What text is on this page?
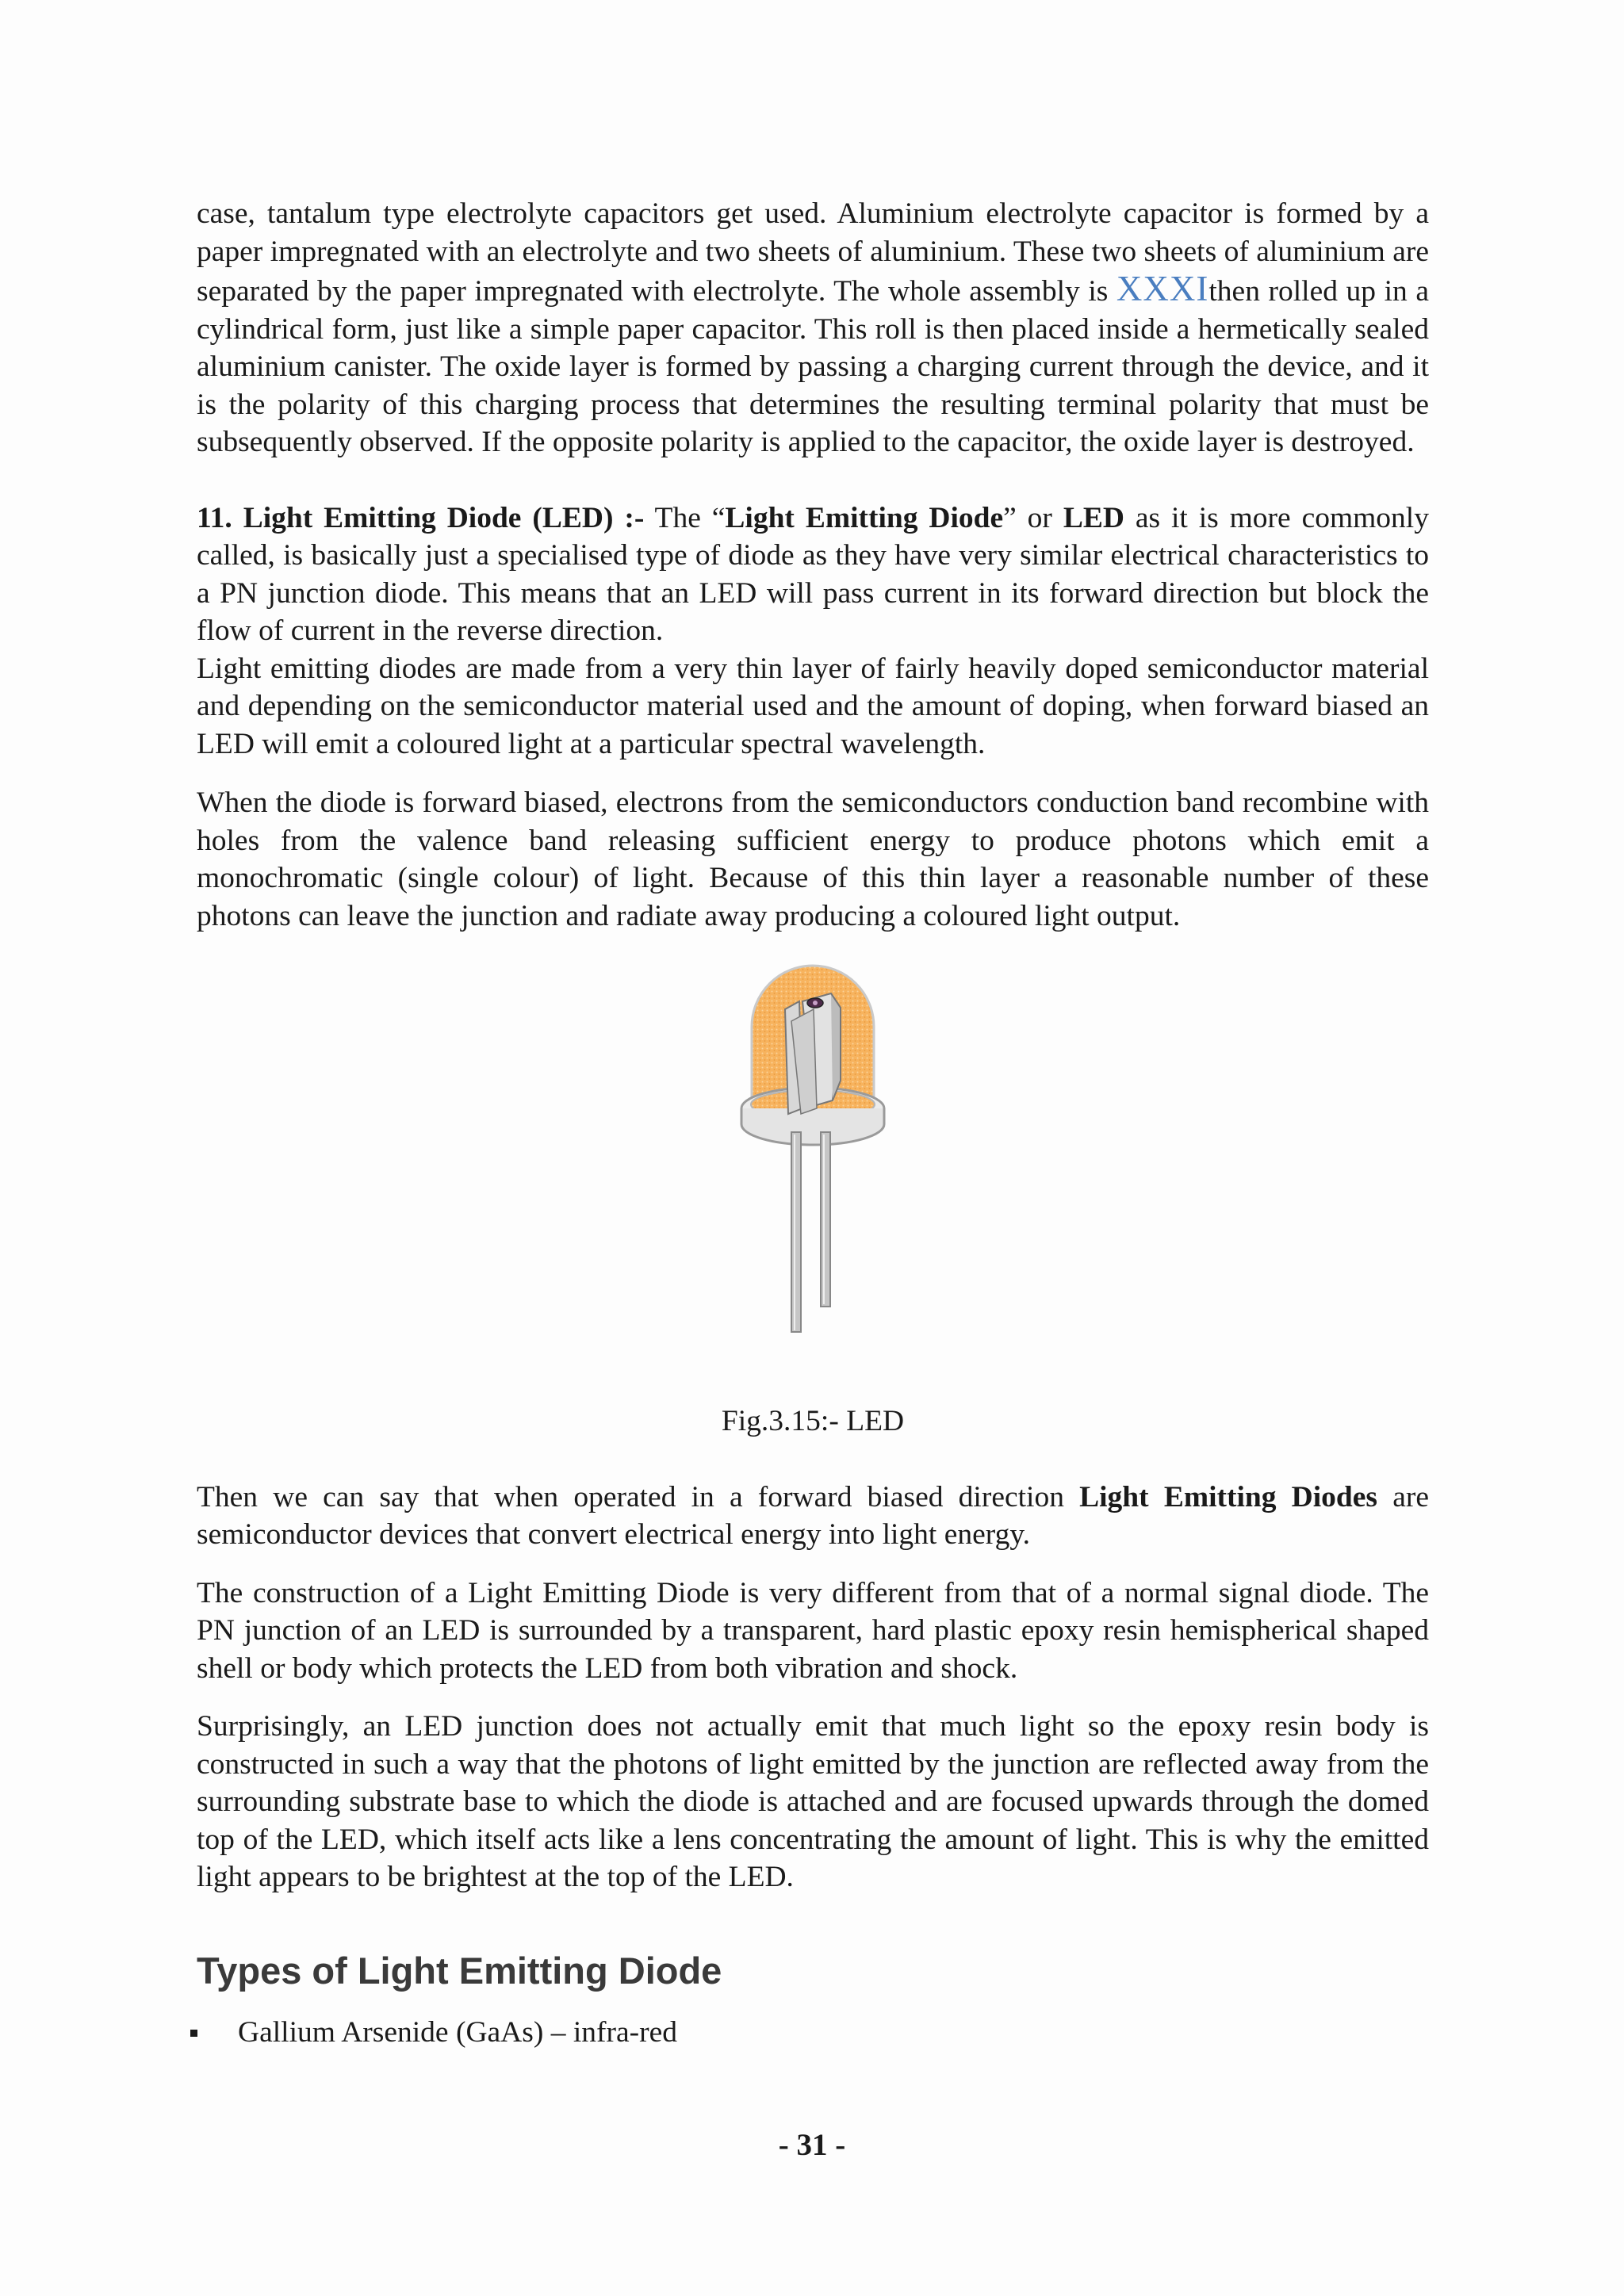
case, tantalum type electrolyte capacitors get used. Aluminium electrolyte capacitor is formed by a paper impregnated with an electrolyte and two sheets of aluminium. These two sheets of aluminium are separated by the paper impregnated with electrolyte. The whole assembly is XXXIthen rolled up in a cylindrical form, just like a simple paper capacitor. This roll is then placed inside a hermetically sealed aluminium canister. The oxide layer is formed by passing a charging current through the device, and it is the polarity of this charging process that determines the resulting terminal polarity that must be subsequently observed. If the opposite polarity is applied to the capacitor, the oxide layer is destroyed.

11. Light Emitting Diode (LED) :- The “Light Emitting Diode” or LED as it is more commonly called, is basically just a specialised type of diode as they have very similar electrical characteristics to a PN junction diode. This means that an LED will pass current in its forward direction but block the flow of current in the reverse direction.

Light emitting diodes are made from a very thin layer of fairly heavily doped semiconductor material and depending on the semiconductor material used and the amount of doping, when forward biased an LED will emit a coloured light at a particular spectral wavelength.

When the diode is forward biased, electrons from the semiconductors conduction band recombine with holes from the valence band releasing sufficient energy to produce photons which emit a monochromatic (single colour) of light. Because of this thin layer a reasonable number of these photons can leave the junction and radiate away producing a coloured light output.

Fig.3.15:- LED

Then we can say that when operated in a forward biased direction Light Emitting Diodes are semiconductor devices that convert electrical energy into light energy.

The construction of a Light Emitting Diode is very different from that of a normal signal diode. The PN junction of an LED is surrounded by a transparent, hard plastic epoxy resin hemispherical shaped shell or body which protects the LED from both vibration and shock.

Surprisingly, an LED junction does not actually emit that much light so the epoxy resin body is constructed in such a way that the photons of light emitted by the junction are reflected away from the surrounding substrate base to which the diode is attached and are focused upwards through the domed top of the LED, which itself acts like a lens concentrating the amount of light. This is why the emitted light appears to be brightest at the top of the LED.

Types of Light Emitting Diode
Gallium Arsenide (GaAs) – infra-red
- 31 -
